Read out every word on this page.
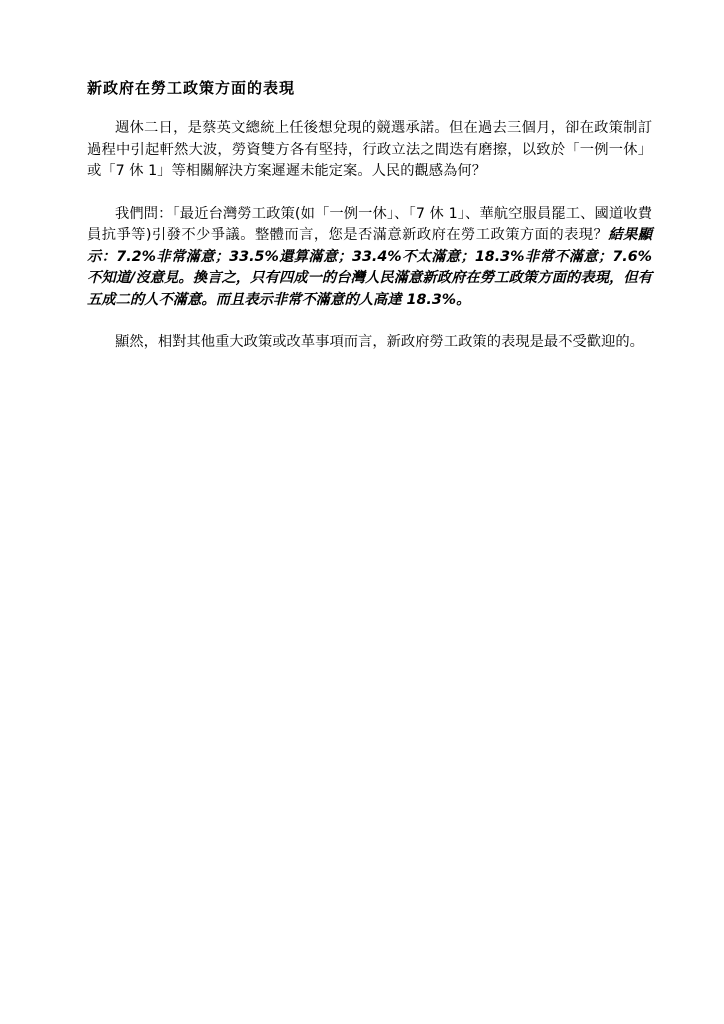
新政府在勞工政策方面的表現

週休二日，是蔡英文總統上任後想兌現的競選承諾。但在過去三個月，卻在政策制訂過程中引起軒然大波，勞資雙方各有堅持，行政立法之間迭有磨擦，以致於「一例一休」或「7 休 1」等相關解決方案遲遲未能定案。人民的觀感為何？

我們問：「最近台灣勞工政策(如「一例一休」、「7 休 1」、華航空服員罷工、國道收費員抗爭等)引發不少爭議。整體而言，您是否滿意新政府在勞工政策方面的表現？結果顯示：7.2%非常滿意；33.5%還算滿意；33.4%不太滿意；18.3%非常不滿意；7.6%不知道/沒意見。換言之，只有四成一的台灣人民滿意新政府在勞工政策方面的表現，但有五成二的人不滿意。而且表示非常不滿意的人高達 18.3%。

顯然，相對其他重大政策或改革事項而言，新政府勞工政策的表現是最不受歡迎的。
